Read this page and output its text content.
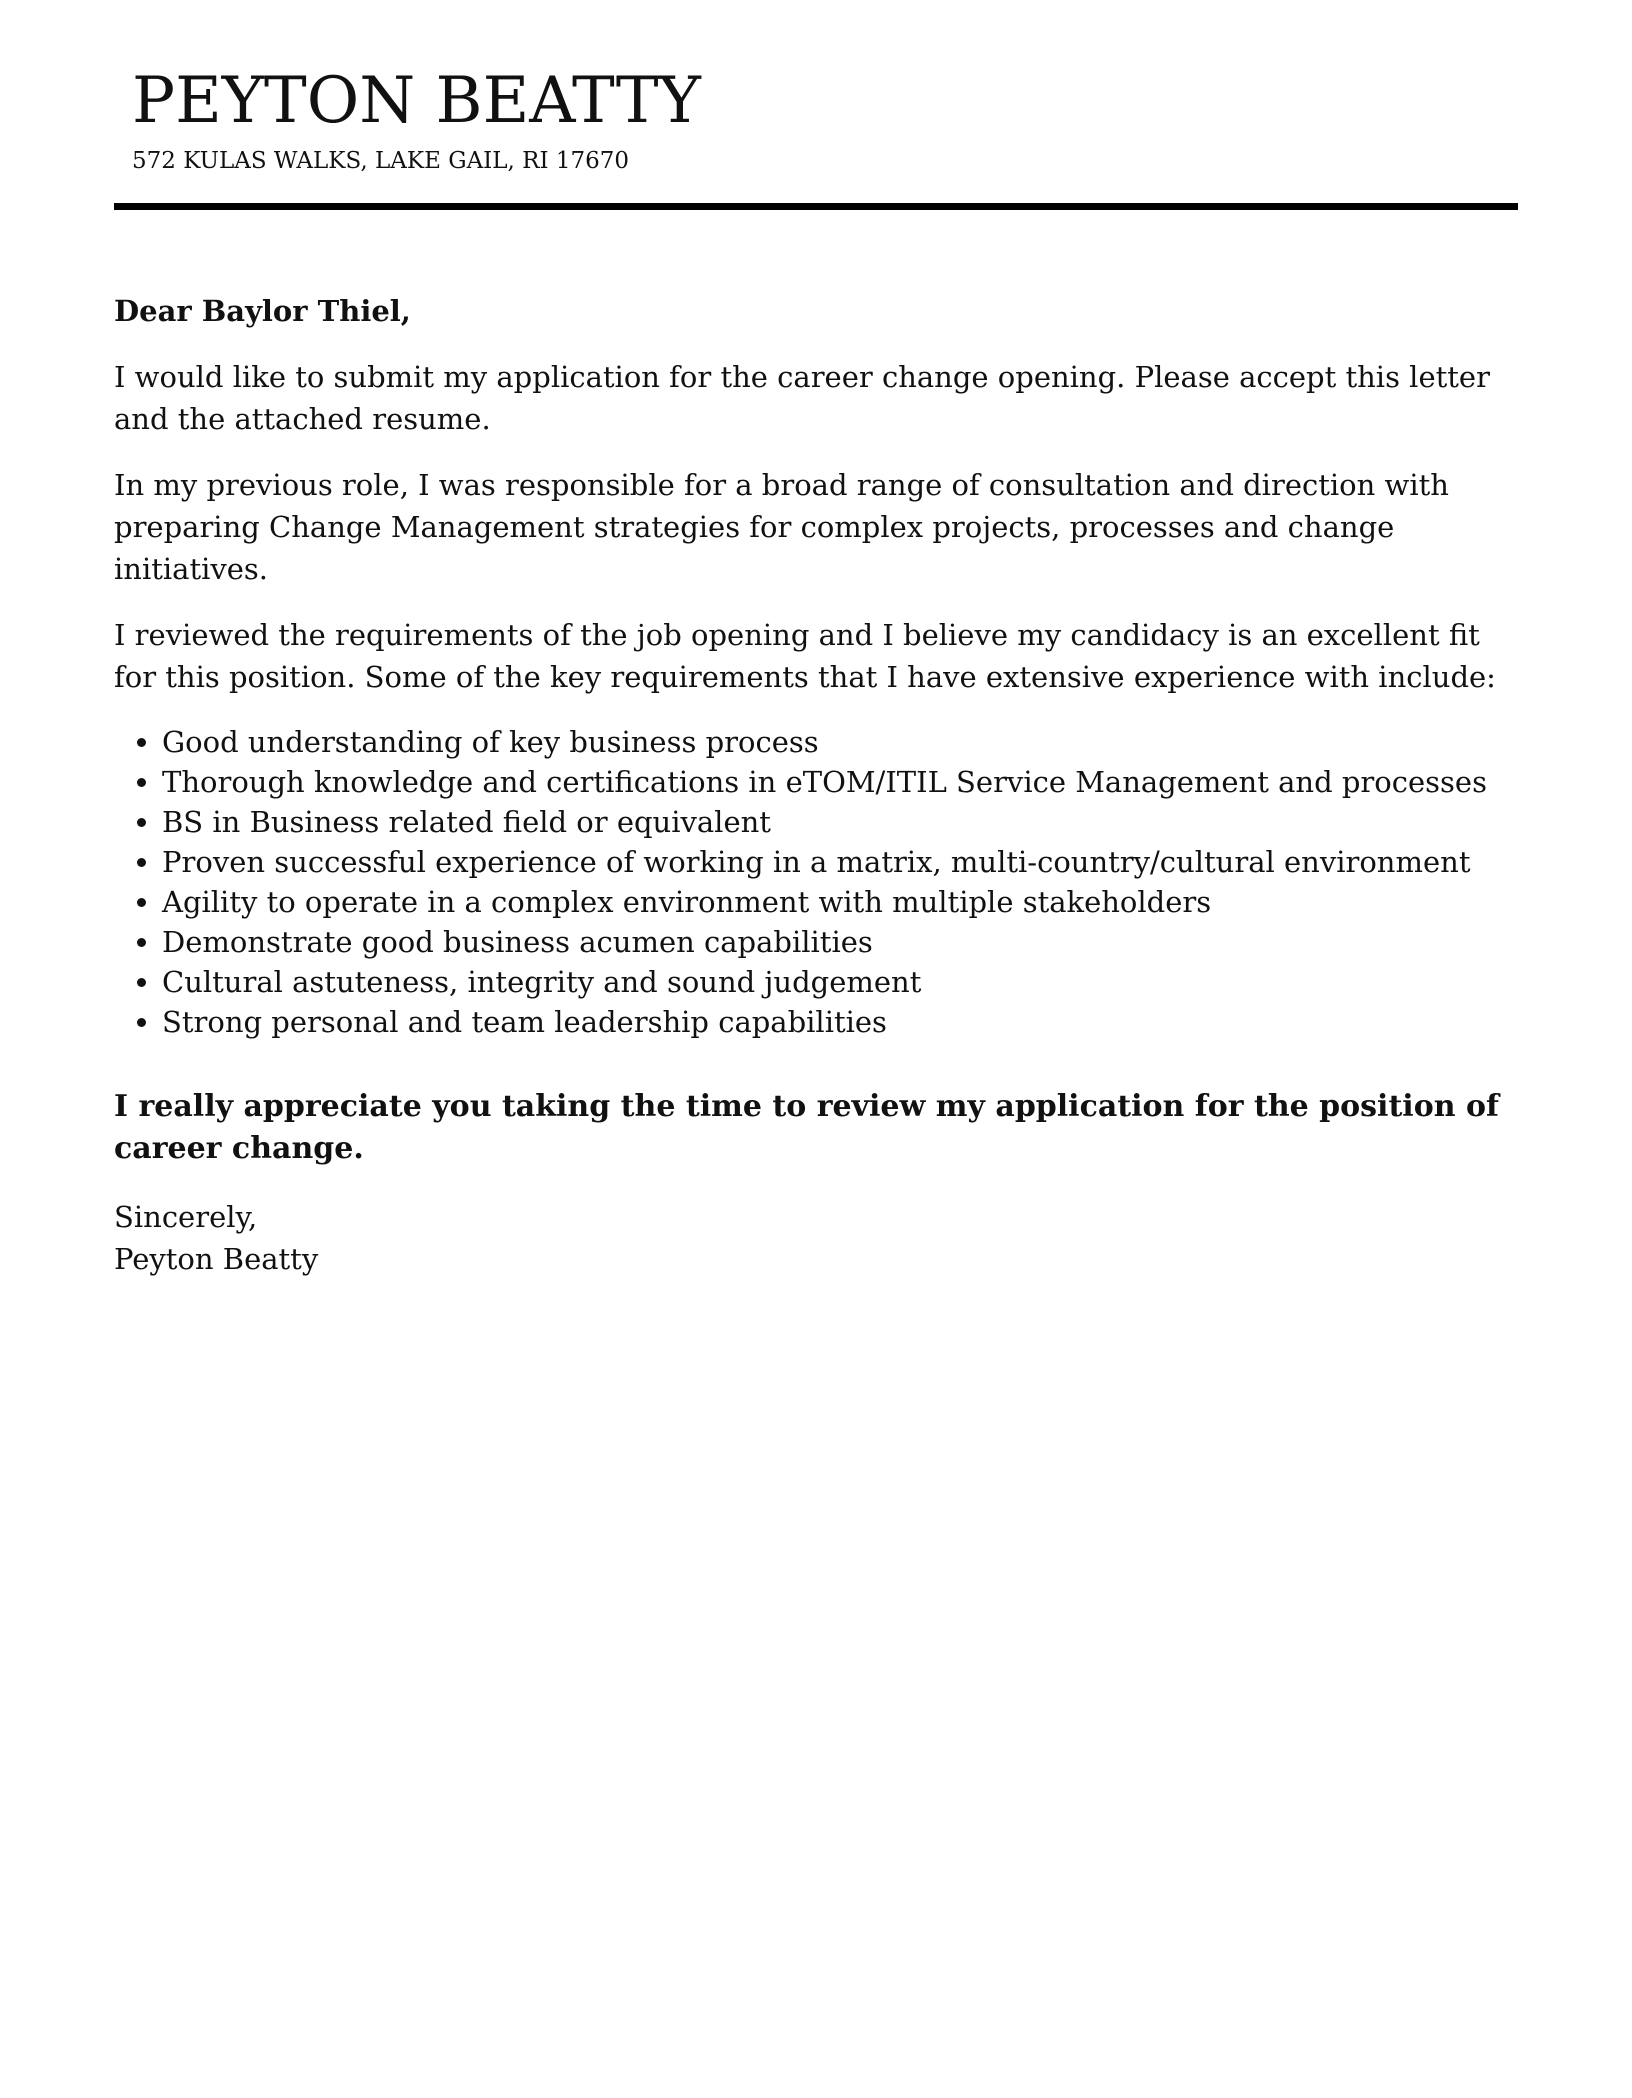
PEYTON BEATTY
572 KULAS WALKS, LAKE GAIL, RI 17670

Dear Baylor Thiel,

I would like to submit my application for the career change opening. Please accept this letter and the attached resume.

In my previous role, I was responsible for a broad range of consultation and direction with preparing Change Management strategies for complex projects, processes and change initiatives.

I reviewed the requirements of the job opening and I believe my candidacy is an excellent fit for this position. Some of the key requirements that I have extensive experience with include:

• Good understanding of key business process
• Thorough knowledge and certifications in eTOM/ITIL Service Management and processes
• BS in Business related field or equivalent
• Proven successful experience of working in a matrix, multi-country/cultural environment
• Agility to operate in a complex environment with multiple stakeholders
• Demonstrate good business acumen capabilities
• Cultural astuteness, integrity and sound judgement
• Strong personal and team leadership capabilities

I really appreciate you taking the time to review my application for the position of career change.

Sincerely,
Peyton Beatty
